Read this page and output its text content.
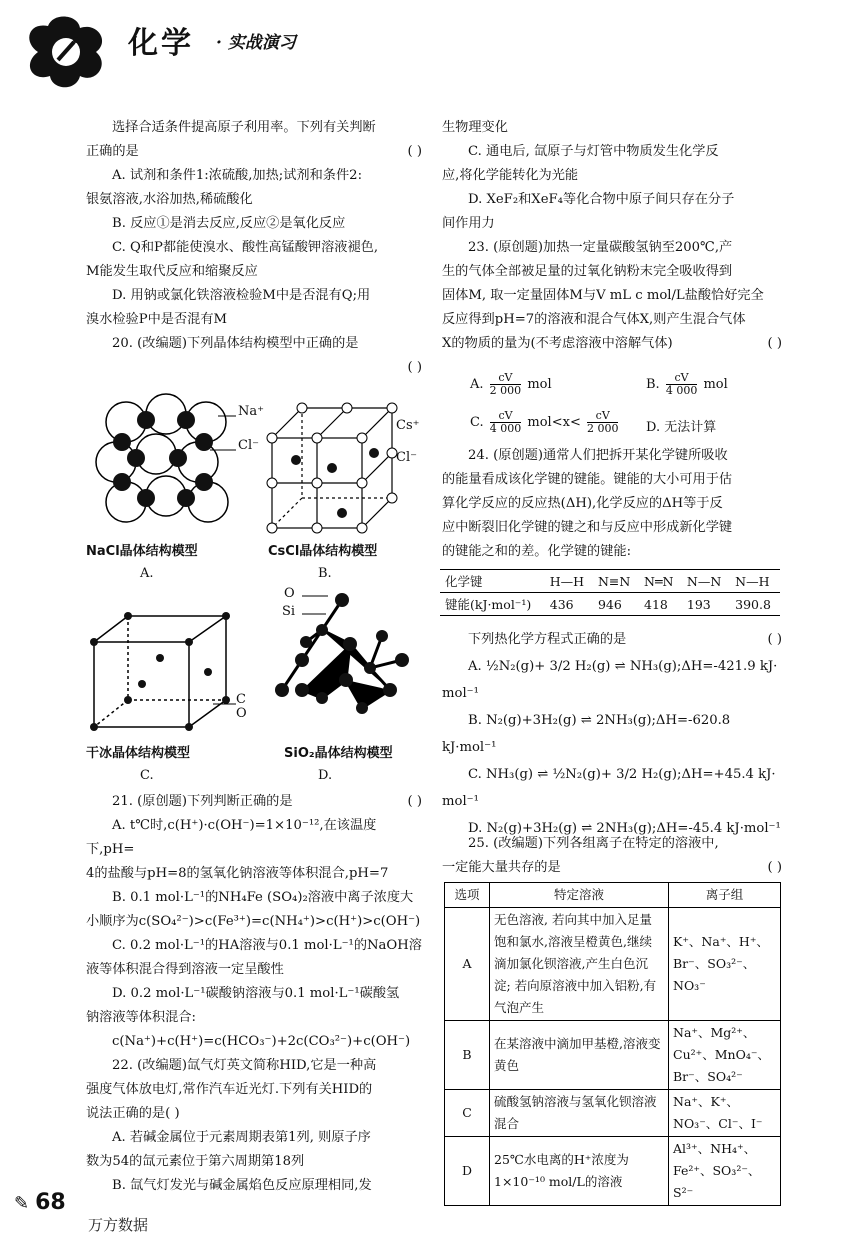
化学 · 实战演习

选择合适条件提高原子利用率。下列有关判断

正确的是	( )

A. 试剂和条件1:浓硫酸,加热;试剂和条件2:

银氨溶液,水浴加热,稀硫酸化

B. 反应①是消去反应,反应②是氧化反应

C. Q和P都能使溴水、酸性高锰酸钾溶液褪色,

M能发生取代反应和缩聚反应

D. 用钠或氯化铁溶液检验M中是否混有Q;用

溴水检验P中是否混有M

20. (改编题)下列晶体结构模型中正确的是

( )

Na⁺
Cl⁻
Cs⁺
Cl⁻
NaCl晶体结构模型	CsCl晶体结构模型
A.	B.
C
O
O
Si
干冰晶体结构模型	SiO₂晶体结构模型
C.	D.

21. (原创题)下列判断正确的是	( )

A. t℃时,c(H⁺)·c(OH⁻)=1×10⁻¹²,在该温度下,pH=

4的盐酸与pH=8的氢氧化钠溶液等体积混合,pH=7

B. 0.1 mol·L⁻¹的NH₄Fe (SO₄)₂溶液中离子浓度大

小顺序为c(SO₄²⁻)>c(Fe³⁺)=c(NH₄⁺)>c(H⁺)>c(OH⁻)

C. 0.2 mol·L⁻¹的HA溶液与0.1 mol·L⁻¹的NaOH溶

液等体积混合得到溶液一定呈酸性

D. 0.2 mol·L⁻¹碳酸钠溶液与0.1 mol·L⁻¹碳酸氢

钠溶液等体积混合:

c(Na⁺)+c(H⁺)=c(HCO₃⁻)+2c(CO₃²⁻)+c(OH⁻)

22. (改编题)氙气灯英文简称HID,它是一种高

强度气体放电灯,常作汽车近光灯.下列有关HID的

说法正确的是( )

A. 若碱金属位于元素周期表第1列, 则原子序

数为54的氙元素位于第六周期第18列

B. 氙气灯发光与碱金属焰色反应原理相同,发

生物理变化

C. 通电后, 氙原子与灯管中物质发生化学反

应,将化学能转化为光能

D. XeF₂和XeF₄等化合物中原子间只存在分子

间作用力

23. (原创题)加热一定量碳酸氢钠至200℃,产

生的气体全部被足量的过氧化钠粉末完全吸收得到

固体M, 取一定量固体M与V mL c mol/L盐酸恰好完全

反应得到pH=7的溶液和混合气体X,则产生混合气体

X的物质的量为(不考虑溶液中溶解气体)	( )

A. $\frac{cV}{2 000}$ mol	B. $\frac{cV}{4 000}$ mol
C. $\frac{cV}{4 000} mol<x< \frac{cV}{2 000} D$. 无法计算

24. (原创题)通常人们把拆开某化学键所吸收

的能量看成该化学键的键能。键能的大小可用于估

算化学反应的反应热(ΔH),化学反应的ΔH等于反

应中断裂旧化学键的键之和与反应中形成新化学键

的键能之和的差。化学键的键能:

化学键	H—H	N≡N	N═N	N—N	N—H
键能(kJ·mol⁻¹)	436	946	418	193	390.8

下列热化学方程式正确的是	( )

A. ½N₂(g)+ 3/2 H₂(g) ⇌ NH₃(g);ΔH=-421.9 kJ·

mol⁻¹

B. N₂(g)+3H₂(g) ⇌ 2NH₃(g);ΔH=-620.8 kJ·mol⁻¹

C. NH₃(g) ⇌ ½N₂(g)+ 3/2 H₂(g);ΔH=+45.4 kJ·

mol⁻¹

D. N₂(g)+3H₂(g) ⇌ 2NH₃(g);ΔH=-45.4 kJ·mol⁻¹

25. (改编题)下列各组离子在特定的溶液中,

一定能大量共存的是	( )

选项	特定溶液	离子组
A	无色溶液, 若向其中加入足量饱和氯水,溶液呈橙黄色,继续滴加氯化钡溶液,产生白色沉淀; 若向原溶液中加入铝粉,有气泡产生	K⁺、Na⁺、H⁺、Br⁻、SO₃²⁻、NO₃⁻
B	在某溶液中滴加甲基橙,溶液变黄色	Na⁺、Mg²⁺、Cu²⁺、MnO₄⁻、Br⁻、SO₄²⁻
C	硫酸氢钠溶液与氢氧化钡溶液混合	Na⁺、K⁺、NO₃⁻、Cl⁻、I⁻
D	25℃水电离的H⁺浓度为1×10⁻¹⁰ mol/L的溶液	Al³⁺、NH₄⁺、Fe²⁺、SO₃²⁻、S²⁻
✎ 68
万方数据
